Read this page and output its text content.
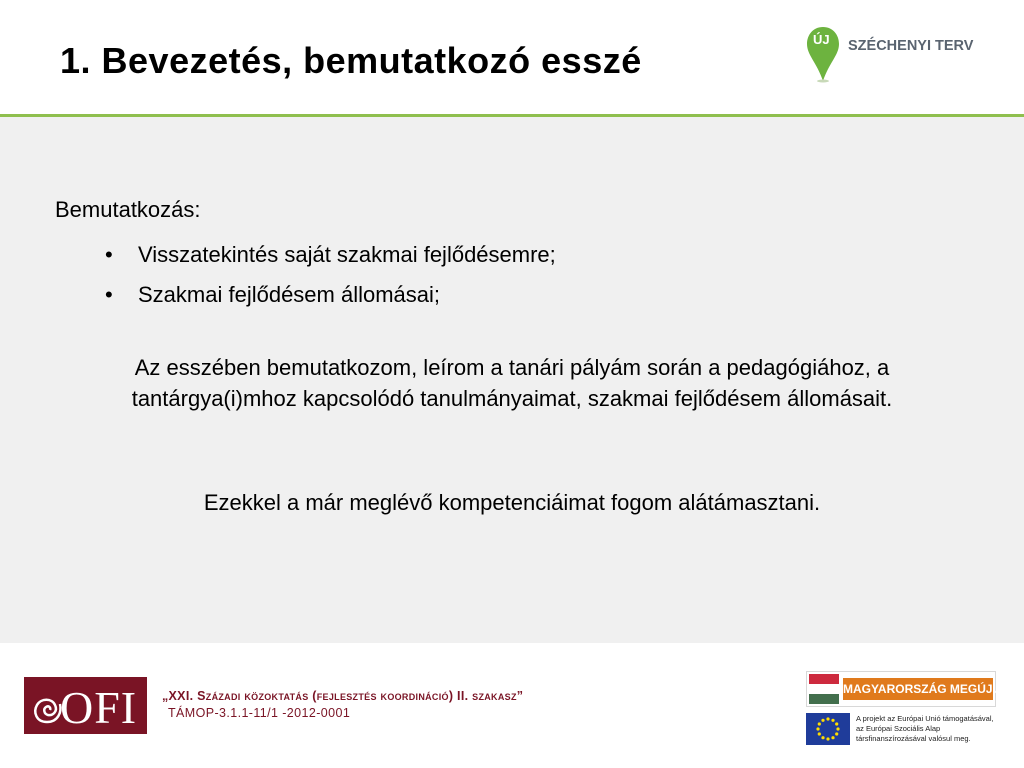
1. Bevezetés, bemutatkozó esszé
ÚJ SZÉCHENYI TERV
Bemutatkozás:
• Visszatekintés saját szakmai fejlődésemre;
• Szakmai fejlődésem állomásai;
Az esszében bemutatkozom, leírom a tanári pályám során a pedagógiához, a tantárgya(i)mhoz kapcsolódó tanulmányaimat, szakmai fejlődésem állomásait.
Ezekkel a már meglévő kompetenciáimat fogom alátámasztani.
OFI „XXI. Századi közoktatás (fejlesztés koordináció) II. szakasz”
TÁMOP-3.1.1-11/1 -2012-0001
MAGYARORSZÁG MEGÚJUL
A projekt az Európai Unió támogatásával, az Európai Szociális Alap társfinanszírozásával valósul meg.
